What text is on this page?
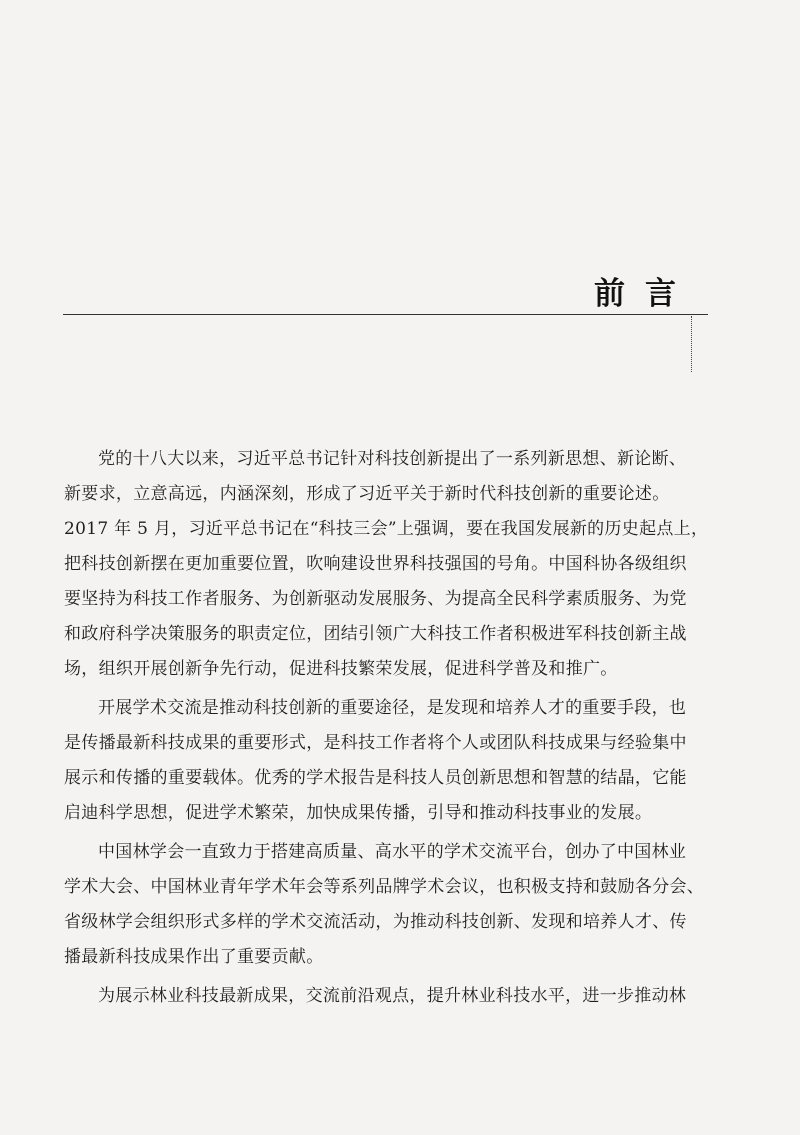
前言
党的十八大以来，习近平总书记针对科技创新提出了一系列新思想、新论断、
新要求，立意高远，内涵深刻，形成了习近平关于新时代科技创新的重要论述。
2017 年 5 月，习近平总书记在“科技三会”上强调，要在我国发展新的历史起点上，
把科技创新摆在更加重要位置，吹响建设世界科技强国的号角。中国科协各级组织
要坚持为科技工作者服务、为创新驱动发展服务、为提高全民科学素质服务、为党
和政府科学决策服务的职责定位，团结引领广大科技工作者积极进军科技创新主战
场，组织开展创新争先行动，促进科技繁荣发展，促进科学普及和推广。
开展学术交流是推动科技创新的重要途径，是发现和培养人才的重要手段，也
是传播最新科技成果的重要形式，是科技工作者将个人或团队科技成果与经验集中
展示和传播的重要载体。优秀的学术报告是科技人员创新思想和智慧的结晶，它能
启迪科学思想，促进学术繁荣，加快成果传播，引导和推动科技事业的发展。
中国林学会一直致力于搭建高质量、高水平的学术交流平台，创办了中国林业
学术大会、中国林业青年学术年会等系列品牌学术会议，也积极支持和鼓励各分会、
省级林学会组织形式多样的学术交流活动，为推动科技创新、发现和培养人才、传
播最新科技成果作出了重要贡献。
为展示林业科技最新成果，交流前沿观点，提升林业科技水平，进一步推动林
